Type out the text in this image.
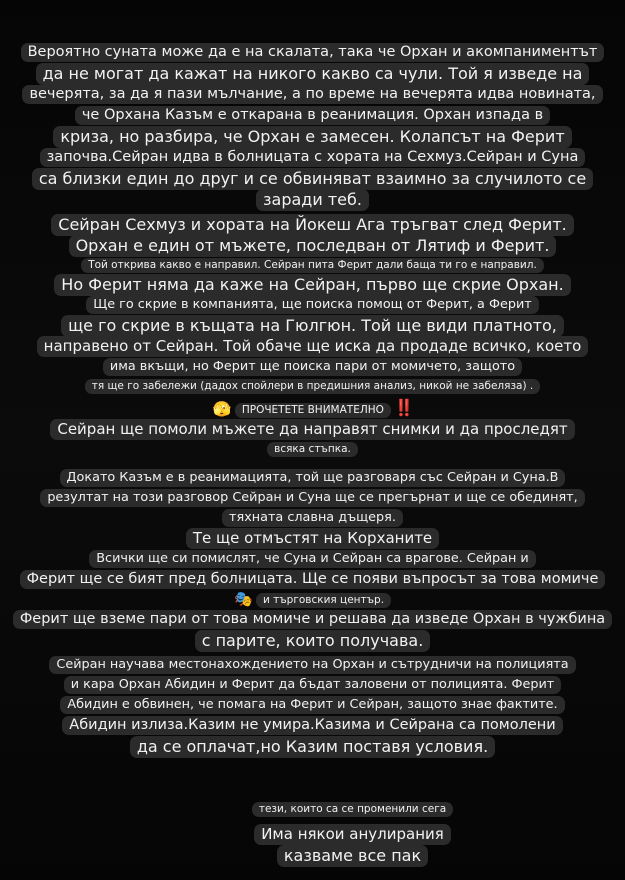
Вероятно суната може да е на скалата, така че Орхан и акомпаниментът
да не могат да кажат на никого какво са чули. Той я изведе на
вечерята, за да я пази мълчание, а по време на вечерята идва новината,
че Орхана Казъм е откарана в реанимация. Орхан изпада в
криза, но разбира, че Орхан е замесен. Колапсът на Ферит
започва.Сейран идва в болницата с хората на Сехмуз.Сейран и Суна
са близки един до друг и се обвиняват взаимно за случилото се
заради теб.
Сейран Сехмуз и хората на Йокеш Ага тръгват след Ферит.
Орхан е един от мъжете, последван от Лятиф и Ферит.
Той открива какво е направил. Сейран пита Ферит дали баща ти го е направил.
Но Ферит няма да каже на Сейран, първо ще скрие Орхан.
Ще го скрие в компанията, ще поиска помощ от Ферит, а Ферит
ще го скрие в къщата на Гюлгюн. Той ще види платното,
направено от Сейран. Той обаче ще иска да продаде всичко, което
има вкъщи, но Ферит ще поиска пари от момичето, защото
тя ще го забележи (дадох спойлери в предишния анализ, никой не забеляза) .
🫣 ПРОЧЕТЕТЕ ВНИМАТЕЛНО ‼️
Сейран ще помоли мъжете да направят снимки и да проследят
всяка стъпка.
Докато Казъм е в реанимацията, той ще разговаря със Сейран и Суна.В
резултат на този разговор Сейран и Суна ще се прегърнат и ще се обединят,
тяхната славна дъщеря.
Те ще отмъстят на Корханите
Всички ще си помислят, че Суна и Сейран са врагове. Сейран и
Ферит ще се бият пред болницата. Ще се появи въпросът за това момиче
🎭 и търговския център.
Ферит ще вземе пари от това момиче и решава да изведе Орхан в чужбина
с парите, които получава.
Сейран научава местонахождението на Орхан и сътрудничи на полицията
и кара Орхан Абидин и Ферит да бъдат заловени от полицията. Ферит
Абидин е обвинен, че помага на Ферит и Сейран, защото знае фактите.
Абидин излиза.Казим не умира.Казима и Сейрана са помолени
да се оплачат,но Казим поставя условия.
тези, които са се променили сега
Има някои анулирания
казваме все пак
